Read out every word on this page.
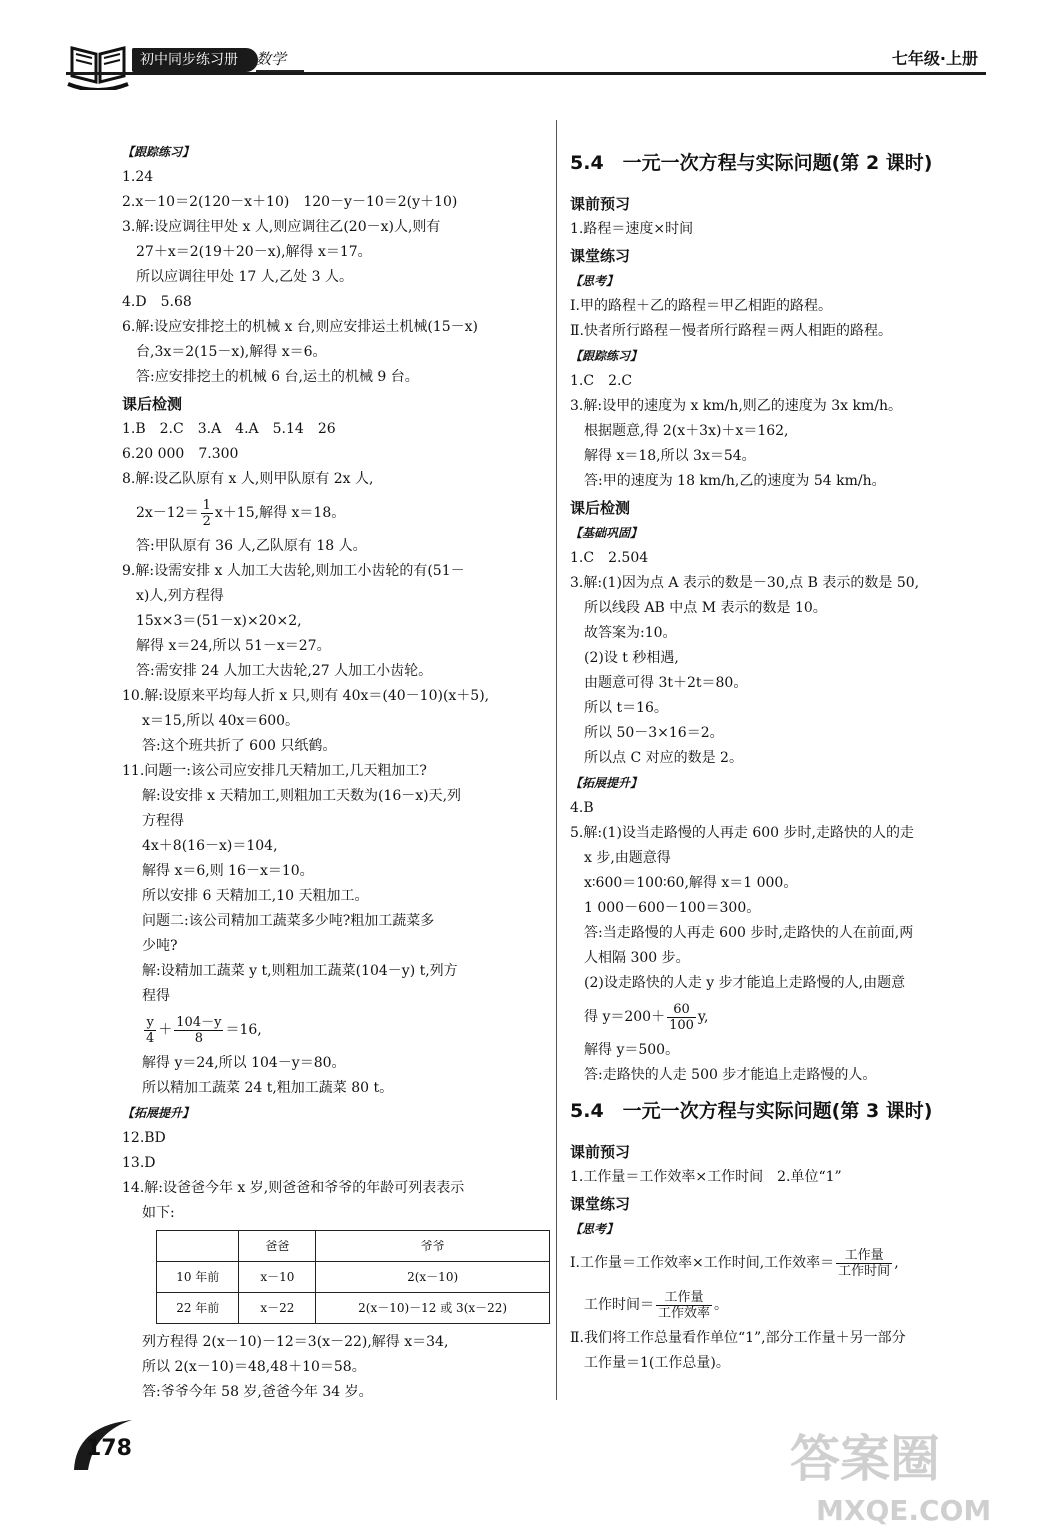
初中同步练习册	数学	七年级·上册
【跟踪练习】
1.24
2.x－10＝2(120－x＋10)　120－y－10＝2(y＋10)
3.解:设应调往甲处 x 人,则应调往乙(20－x)人,则有
27＋x＝2(19＋20－x),解得 x＝17。
所以应调往甲处 17 人,乙处 3 人。
4.D　5.68
6.解:设应安排挖土的机械 x 台,则应安排运土机械(15－x)
台,3x＝2(15－x),解得 x＝6。
答:应安排挖土的机械 6 台,运土的机械 9 台。
课后检测
1.B　2.C　3.A　4.A　5.14　26
6.20 000　7.300
8.解:设乙队原有 x 人,则甲队原有 2x 人,
$2x-12= \frac{1}{2} x+15$,解得 x＝18。
答:甲队原有 36 人,乙队原有 18 人。
9.解:设需安排 x 人加工大齿轮,则加工小齿轮的有(51－
x)人,列方程得
15x×3＝(51－x)×20×2,
解得 x＝24,所以 51－x＝27。
答:需安排 24 人加工大齿轮,27 人加工小齿轮。
10.解:设原来平均每人折 x 只,则有 40x＝(40－10)(x＋5),
x＝15,所以 40x＝600。
答:这个班共折了 600 只纸鹤。
11.问题一:该公司应安排几天精加工,几天粗加工?
解:设安排 x 天精加工,则粗加工天数为(16－x)天,列
方程得
4x＋8(16－x)＝104,
解得 x＝6,则 16－x＝10。
所以安排 6 天精加工,10 天粗加工。
问题二:该公司精加工蔬菜多少吨?粗加工蔬菜多
少吨?
解:设精加工蔬菜 y t,则粗加工蔬菜(104－y) t,列方
程得
$\frac{y}{4} + \frac{104-y}{8} =16$,
解得 y＝24,所以 104－y＝80。
所以精加工蔬菜 24 t,粗加工蔬菜 80 t。
【拓展提升】
12.BD
13.D
14.解:设爸爸今年 x 岁,则爸爸和爷爷的年龄可列表表示
如下:
	爸爸	爷爷
10 年前	x－10	2(x－10)
22 年前	x－22	2(x－10)－12 或 3(x－22)
列方程得 2(x－10)－12＝3(x－22),解得 x＝34,
所以 2(x－10)＝48,48＋10＝58。
答:爷爷今年 58 岁,爸爸今年 34 岁。
5.4　一元一次方程与实际问题(第 2 课时)
课前预习
1.路程＝速度×时间
课堂练习
【思考】
Ⅰ.甲的路程＋乙的路程＝甲乙相距的路程。
Ⅱ.快者所行路程－慢者所行路程＝两人相距的路程。
【跟踪练习】
1.C　2.C
3.解:设甲的速度为 x km/h,则乙的速度为 3x km/h。
根据题意,得 2(x＋3x)＋x＝162,
解得 x＝18,所以 3x＝54。
答:甲的速度为 18 km/h,乙的速度为 54 km/h。
课后检测
【基础巩固】
1.C　2.504
3.解:(1)因为点 A 表示的数是－30,点 B 表示的数是 50,
所以线段 AB 中点 M 表示的数是 10。
故答案为:10。
(2)设 t 秒相遇,
由题意可得 3t＋2t＝80。
所以 t＝16。
所以 50－3×16＝2。
所以点 C 对应的数是 2。
【拓展提升】
4.B
5.解:(1)设当走路慢的人再走 600 步时,走路快的人的走
x 步,由题意得
x∶600＝100∶60,解得 x＝1 000。
1 000－600－100＝300。
答:当走路慢的人再走 600 步时,走路快的人在前面,两
人相隔 300 步。
(2)设走路快的人走 y 步才能追上走路慢的人,由题意
得 $y=200+ \frac{60}{100} y$,
解得 y＝500。
答:走路快的人走 500 步才能追上走路慢的人。
5.4　一元一次方程与实际问题(第 3 课时)
课前预习
1.工作量＝工作效率×工作时间　2.单位“1”
课堂练习
【思考】
Ⅰ.工作量＝工作效率×工作时间,工作效率＝ $\frac{\text{工作量}}{\text{工作时间}}$ ,
工作时间＝ $\frac{\text{工作量}}{\text{工作效率}}$ 。
Ⅱ.我们将工作总量看作单位“1”,部分工作量＋另一部分
工作量＝1(工作总量)。
178	答案圈
MXQE.COM
